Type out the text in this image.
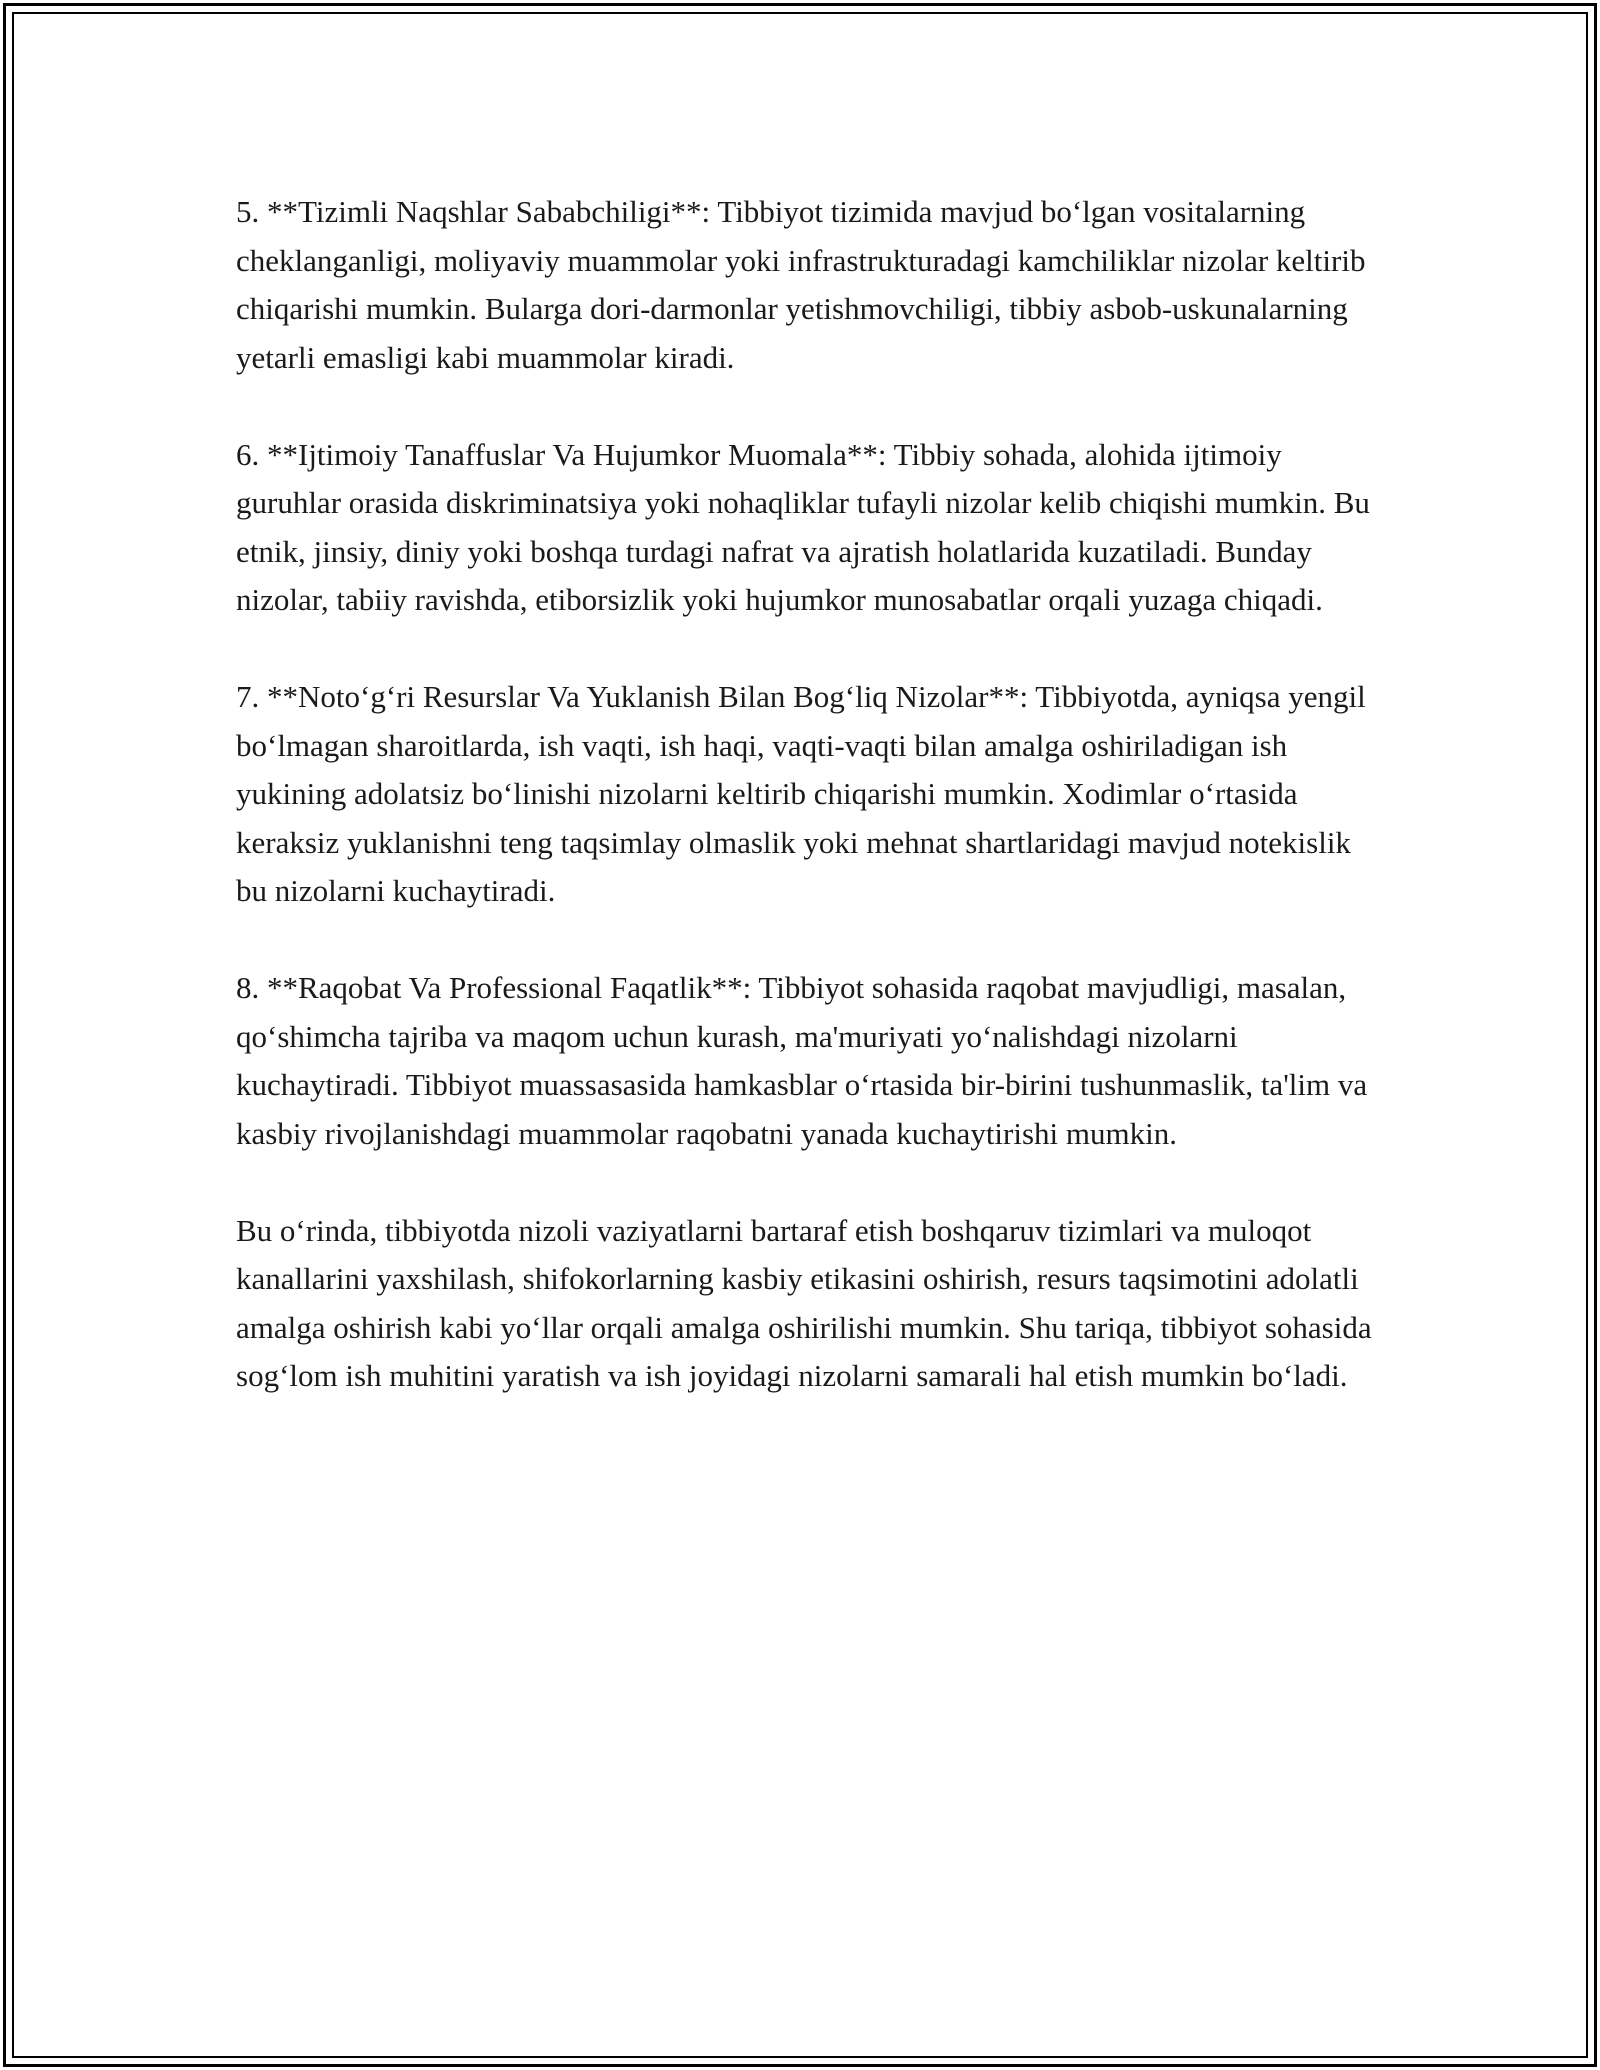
5. **Tizimli Naqshlar Sababchiligi**: Tibbiyot tizimida mavjud bo‘lgan vositalarning cheklanganligi, moliyaviy muammolar yoki infrastrukturadagi kamchiliklar nizolar keltirib chiqarishi mumkin. Bularga dori-darmonlar yetishmovchiligi, tibbiy asbob-uskunalarning yetarli emasligi kabi muammolar kiradi.

6. **Ijtimoiy Tanaffuslar Va Hujumkor Muomala**: Tibbiy sohada, alohida ijtimoiy guruhlar orasida diskriminatsiya yoki nohaqliklar tufayli nizolar kelib chiqishi mumkin. Bu etnik, jinsiy, diniy yoki boshqa turdagi nafrat va ajratish holatlarida kuzatiladi. Bunday nizolar, tabiiy ravishda, etiborsizlik yoki hujumkor munosabatlar orqali yuzaga chiqadi.

7. **Noto‘g‘ri Resurslar Va Yuklanish Bilan Bog‘liq Nizolar**: Tibbiyotda, ayniqsa yengil bo‘lmagan sharoitlarda, ish vaqti, ish haqi, vaqti-vaqti bilan amalga oshiriladigan ish yukining adolatsiz bo‘linishi nizolarni keltirib chiqarishi mumkin. Xodimlar o‘rtasida keraksiz yuklanishni teng taqsimlay olmaslik yoki mehnat shartlaridagi mavjud notekislik bu nizolarni kuchaytiradi.

8. **Raqobat Va Professional Faqatlik**: Tibbiyot sohasida raqobat mavjudligi, masalan, qo‘shimcha tajriba va maqom uchun kurash, ma'muriyati yo‘nalishdagi nizolarni kuchaytiradi. Tibbiyot muassasasida hamkasblar o‘rtasida bir-birini tushunmaslik, ta'lim va kasbiy rivojlanishdagi muammolar raqobatni yanada kuchaytirishi mumkin.

Bu o‘rinda, tibbiyotda nizoli vaziyatlarni bartaraf etish boshqaruv tizimlari va muloqot kanallarini yaxshilash, shifokorlarning kasbiy etikasini oshirish, resurs taqsimotini adolatli amalga oshirish kabi yo‘llar orqali amalga oshirilishi mumkin. Shu tariqa, tibbiyot sohasida sog‘lom ish muhitini yaratish va ish joyidagi nizolarni samarali hal etish mumkin bo‘ladi.
